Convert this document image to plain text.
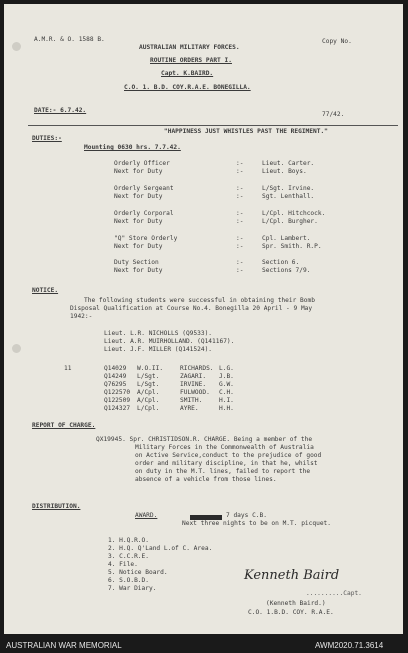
A.M.R. & O. 1588 B.	Copy No.
AUSTRALIAN MILITARY FORCES.
ROUTINE ORDERS PART I.
Capt. K.BAIRD.
C.O. 1. B.D. COY.R.A.E. BONEGILLA.
DATE:- 6.7.42.
77/42.
"HAPPINESS JUST WHISTLES PAST THE REGIMENT."
DUTIES:-
Mounting 0630 hrs. 7.7.42.
Orderly Officer	:-	Lieut. Carter.
Next for Duty	:-	Lieut. Boys.
Orderly Sergeant	:-	L/Sgt. Irvine.
Next for Duty	:-	Sgt. Lenthall.
Orderly Corporal	:-	L/Cpl. Hitchcock.
Next for Duty	:-	L/Cpl. Burgher.
"Q" Store Orderly	:-	Cpl. Lambert.
Next for Duty	:-	Spr. Smith. R.P.
Duty Section	:-	Section 6.
Next for Duty	:-	Sections 7/9.
NOTICE.
The following students were successful in obtaining their Bomb
Disposal Qualification at Course No.4. Bonegilla 20 April - 9 May
1942:-
Lieut. L.R. NICHOLLS (Q9533).
Lieut. A.R. MUIRHOLLAND. (Q141167).
Lieut. J.F. MILLER (Q141524).
11	Q14029 W.O.II.	RICHARDS. L.G.
Q14249 L/Sgt.	ZAGARI. J.B.
Q76295 L/Sgt.	IRVINE. G.W.
Q122570 A/Cpl.	FULWOOD. C.H.
Q122509 A/Cpl.	SMITH.	H.I.
Q124327 L/Cpl.	AYRE.	H.H.
REPORT OF CHARGE.
QX19945. Spr. CHRISTIDSON.R. CHARGE. Being a member of the
Military Forces in the Commonwealth of Australia
on Active Service,conduct to the prejudice of good
order and military discipline, in that he, whilst
on duty in the M.T. lines, failed to report the
absence of a vehicle from those lines.
AWARD.	7 days C.B.
Next three nights to be on M.T. picquet.
DISTRIBUTION.
1. H.Q.R.O.
2. H.Q. Q'Land L.of C. Area.
3. C.C.R.E.
4. File.
5. Notice Board.
6. S.O.B.D.
7. War Diary.
Kenneth Baird
..........Capt.
(Kenneth Baird.)
C.O. 1.B.D. COY. R.A.E.
AUSTRALIAN WAR MEMORIAL	AWM2020.71.3614
